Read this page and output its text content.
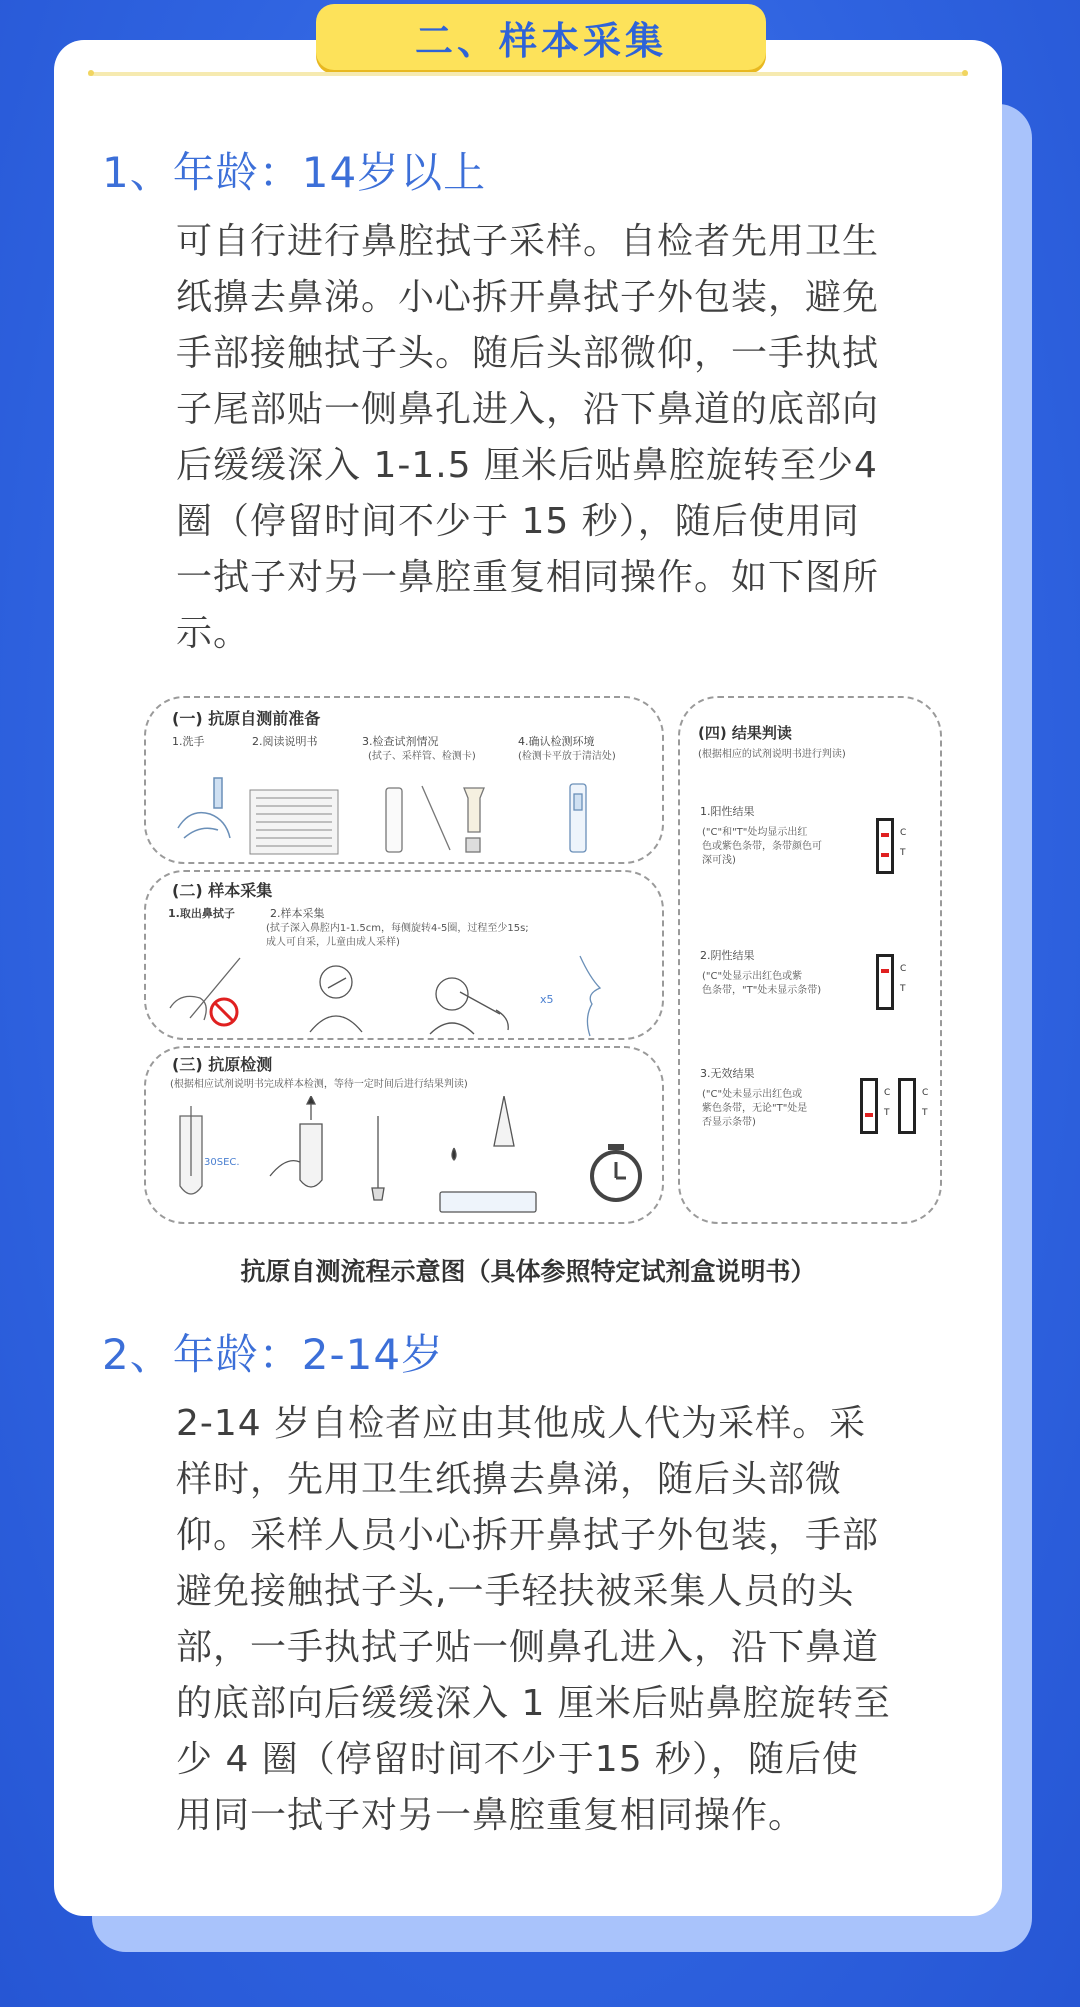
二、样本采集
1、年龄：14岁以上
可自行进行鼻腔拭子采样。自检者先用卫生
纸擤去鼻涕。小心拆开鼻拭子外包装，避免
手部接触拭子头。随后头部微仰，一手执拭
子尾部贴一侧鼻孔进入，沿下鼻道的底部向
后缓缓深入 1-1.5 厘米后贴鼻腔旋转至少4
圈（停留时间不少于 15 秒），随后使用同
一拭子对另一鼻腔重复相同操作。如下图所
示。
(一) 抗原自测前准备
1.洗手	2.阅读说明书	3.检查试剂情况
(拭子、采样管、检测卡)
4.确认检测环境
(检测卡平放于清洁处)
(二) 样本采集
1.取出鼻拭子	2.样本采集
(拭子深入鼻腔内1-1.5cm，每侧旋转4-5圈，过程至少15s;
成人可自采，儿童由成人采样)
x5
(三) 抗原检测
(根据相应试剂说明书完成样本检测，等待一定时间后进行结果判读)
30SEC.
(四) 结果判读
(根据相应的试剂说明书进行判读)
1.阳性结果
("C"和"T"处均显示出红
色或紫色条带，条带颜色可
深可浅)
C
T
2.阴性结果
("C"处显示出红色或紫
色条带，"T"处未显示条带)
C
T
3.无效结果
("C"处未显示出红色或
紫色条带，无论"T"处是
否显示条带)
C
T
C
T
抗原自测流程示意图（具体参照特定试剂盒说明书）
2、年龄：2-14岁
2-14 岁自检者应由其他成人代为采样。采
样时，先用卫生纸擤去鼻涕，随后头部微
仰。采样人员小心拆开鼻拭子外包装，手部
避免接触拭子头,一手轻扶被采集人员的头
部，一手执拭子贴一侧鼻孔进入，沿下鼻道
的底部向后缓缓深入 1 厘米后贴鼻腔旋转至
少 4 圈（停留时间不少于15 秒），随后使
用同一拭子对另一鼻腔重复相同操作。
